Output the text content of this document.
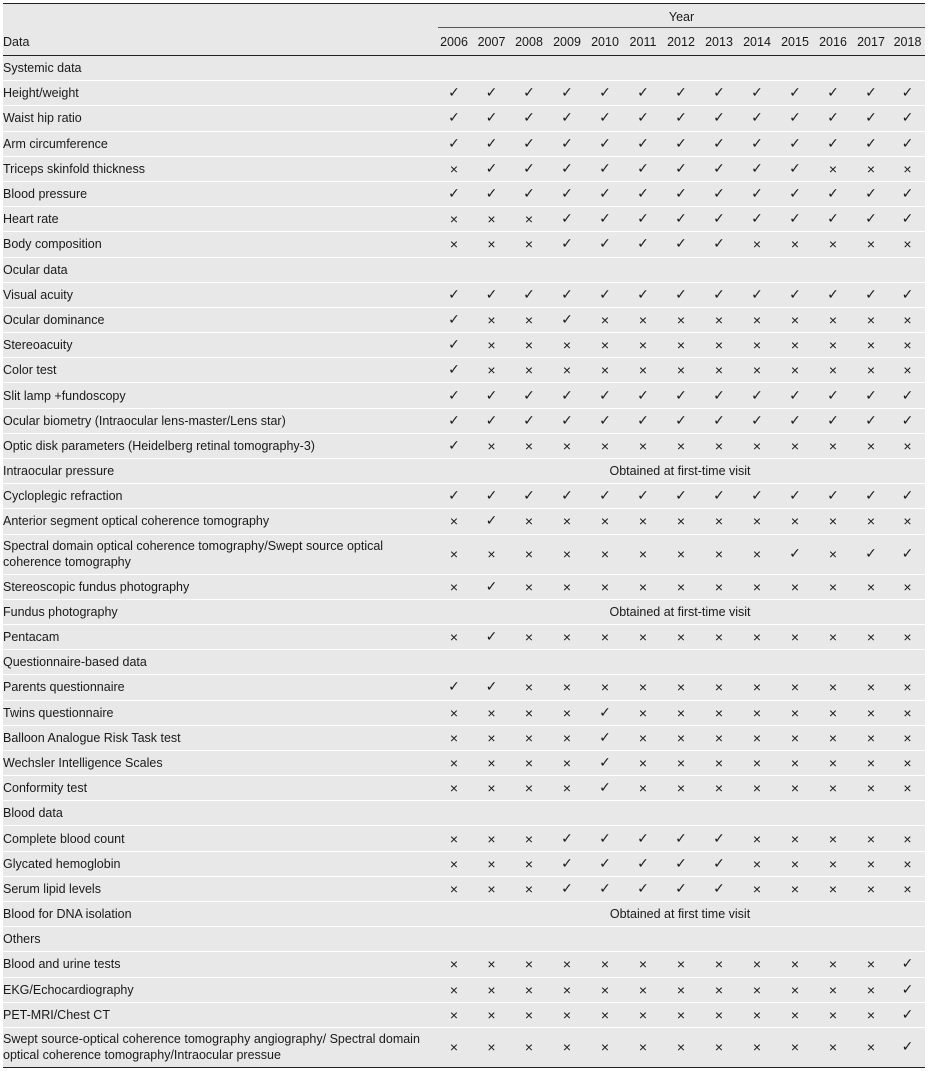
	Year												

Data	2006	2007	2008	2009	2010	2011	2012	2013	2014	2015	2016	2017	2018
Systemic data													
Height/weight	✓	✓	✓	✓	✓	✓	✓	✓	✓	✓	✓	✓	✓
Waist hip ratio	✓	✓	✓	✓	✓	✓	✓	✓	✓	✓	✓	✓	✓
Arm circumference	✓	✓	✓	✓	✓	✓	✓	✓	✓	✓	✓	✓	✓
Triceps skinfold thickness	×	✓	✓	✓	✓	✓	✓	✓	✓	✓	×	×	×
Blood pressure	✓	✓	✓	✓	✓	✓	✓	✓	✓	✓	✓	✓	✓
Heart rate	×	×	×	✓	✓	✓	✓	✓	✓	✓	✓	✓	✓
Body composition	×	×	×	✓	✓	✓	✓	✓	×	×	×	×	×
Ocular data													
Visual acuity	✓	✓	✓	✓	✓	✓	✓	✓	✓	✓	✓	✓	✓
Ocular dominance	✓	×	×	✓	×	×	×	×	×	×	×	×	×
Stereoacuity	✓	×	×	×	×	×	×	×	×	×	×	×	×
Color test	✓	×	×	×	×	×	×	×	×	×	×	×	×
Slit lamp +fundoscopy	✓	✓	✓	✓	✓	✓	✓	✓	✓	✓	✓	✓	✓
Ocular biometry (Intraocular lens-master/Lens star)	✓	✓	✓	✓	✓	✓	✓	✓	✓	✓	✓	✓	✓
Optic disk parameters (Heidelberg retinal tomography-3)	✓	×	×	×	×	×	×	×	×	×	×	×	×
Intraocular pressure	Obtained at first-time visit												
Cycloplegic refraction	✓	✓	✓	✓	✓	✓	✓	✓	✓	✓	✓	✓	✓
Anterior segment optical coherence tomography	×	✓	×	×	×	×	×	×	×	×	×	×	×
Spectral domain optical coherence tomography/Swept source optical coherence tomography	×	×	×	×	×	×	×	×	×	✓	×	✓	✓
Stereoscopic fundus photography	×	✓	×	×	×	×	×	×	×	×	×	×	×
Fundus photography	Obtained at first-time visit												
Pentacam	×	✓	×	×	×	×	×	×	×	×	×	×	×
Questionnaire-based data													
Parents questionnaire	✓	✓	×	×	×	×	×	×	×	×	×	×	×
Twins questionnaire	×	×	×	×	✓	×	×	×	×	×	×	×	×
Balloon Analogue Risk Task test	×	×	×	×	✓	×	×	×	×	×	×	×	×
Wechsler Intelligence Scales	×	×	×	×	✓	×	×	×	×	×	×	×	×
Conformity test	×	×	×	×	✓	×	×	×	×	×	×	×	×
Blood data													
Complete blood count	×	×	×	✓	✓	✓	✓	✓	×	×	×	×	×
Glycated hemoglobin	×	×	×	✓	✓	✓	✓	✓	×	×	×	×	×
Serum lipid levels	×	×	×	✓	✓	✓	✓	✓	×	×	×	×	×
Blood for DNA isolation	Obtained at first time visit												
Others													
Blood and urine tests	×	×	×	×	×	×	×	×	×	×	×	×	✓
EKG/Echocardiography	×	×	×	×	×	×	×	×	×	×	×	×	✓
PET-MRI/Chest CT	×	×	×	×	×	×	×	×	×	×	×	×	✓
Swept source-optical coherence tomography angiography/ Spectral domain optical coherence tomography/Intraocular pressue	×	×	×	×	×	×	×	×	×	×	×	×	✓
